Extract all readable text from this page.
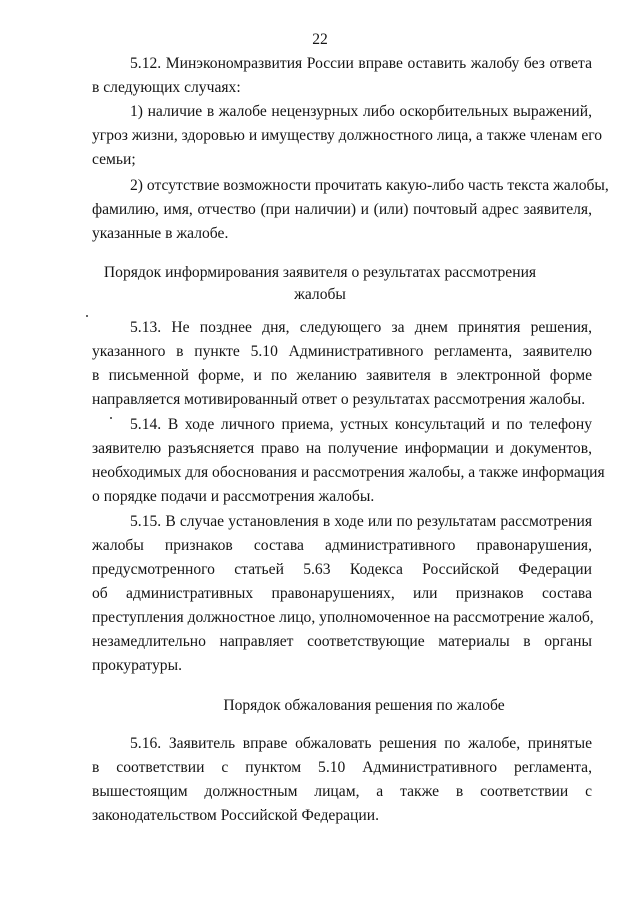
22
5.12. Минэкономразвития России вправе оставить жалобу без ответа
в следующих случаях:
1) наличие в жалобе нецензурных либо оскорбительных выражений,
угроз жизни, здоровью и имуществу должностного лица, а также членам его
семьи;
2) отсутствие возможности прочитать какую-либо часть текста жалобы,
фамилию, имя, отчество (при наличии) и (или) почтовый адрес заявителя,
указанные в жалобе.
Порядок информирования заявителя о результатах рассмотрения
жалобы
5.13. Не позднее дня, следующего за днем принятия решения,
указанного в пункте 5.10 Административного регламента, заявителю
в письменной форме, и по желанию заявителя в электронной форме
направляется мотивированный ответ о результатах рассмотрения жалобы.
5.14. В ходе личного приема, устных консультаций и по телефону
заявителю разъясняется право на получение информации и документов,
необходимых для обоснования и рассмотрения жалобы, а также информация
о порядке подачи и рассмотрения жалобы.
5.15. В случае установления в ходе или по результатам рассмотрения
жалобы признаков состава административного правонарушения,
предусмотренного статьей 5.63 Кодекса Российской Федерации
об административных правонарушениях, или признаков состава
преступления должностное лицо, уполномоченное на рассмотрение жалоб,
незамедлительно направляет соответствующие материалы в органы
прокуратуры.
Порядок обжалования решения по жалобе
5.16. Заявитель вправе обжаловать решения по жалобе, принятые
в соответствии с пунктом 5.10 Административного регламента,
вышестоящим должностным лицам, а также в соответствии с
законодательством Российской Федерации.
